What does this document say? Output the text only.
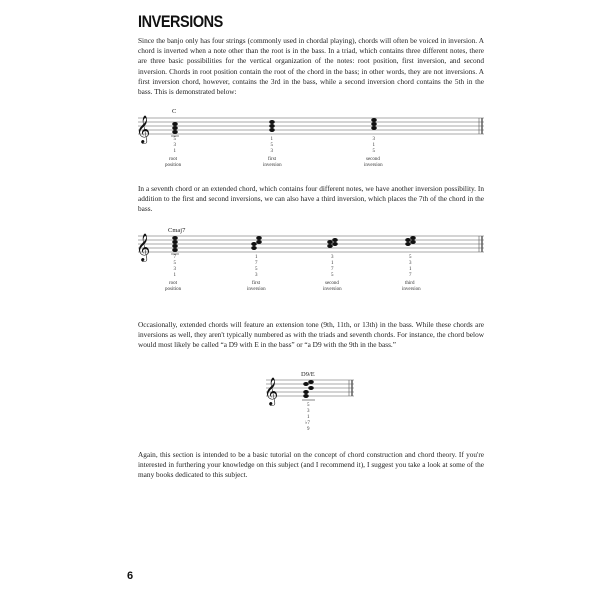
INVERSIONS
Since the banjo only has four strings (commonly used in chordal playing), chords will often be voiced in inversion. A chord is inverted when a note other than the root is in the bass. In a triad, which contains three different notes, there are three basic possibilities for the vertical organization of the notes: root position, first inversion, and second inversion. Chords in root position contain the root of the chord in the bass; in other words, they are not inversions. A first inversion chord, however, contains the 3rd in the bass, while a second inversion chord contains the 5th in the bass. This is demonstrated below:
𝄞
C
5
3
1
root
position
1
5
3
first
inversion
3
1
5
second
inversion
In a seventh chord or an extended chord, which contains four different notes, we have another inversion possibility. In addition to the first and second inversions, we can also have a third inversion, which places the 7th of the chord in the bass.
𝄞
Cmaj7
7
5
3
1
root
position
1
7
5
3
first
inversion
3
1
7
5
second
inversion
5
3
1
7
third
inversion
Occasionally, extended chords will feature an extension tone (9th, 11th, or 13th) in the bass. While these chords are inversions as well, they aren't typically numbered as with the triads and seventh chords. For instance, the chord below would most likely be called “a D9 with E in the bass” or “a D9 with the 9th in the bass.”
𝄞
D9/E
5
3
1
♭7
9
Again, this section is intended to be a basic tutorial on the concept of chord construction and chord theory. If you're interested in furthering your knowledge on this subject (and I recommend it), I suggest you take a look at some of the many books dedicated to this subject.
6
